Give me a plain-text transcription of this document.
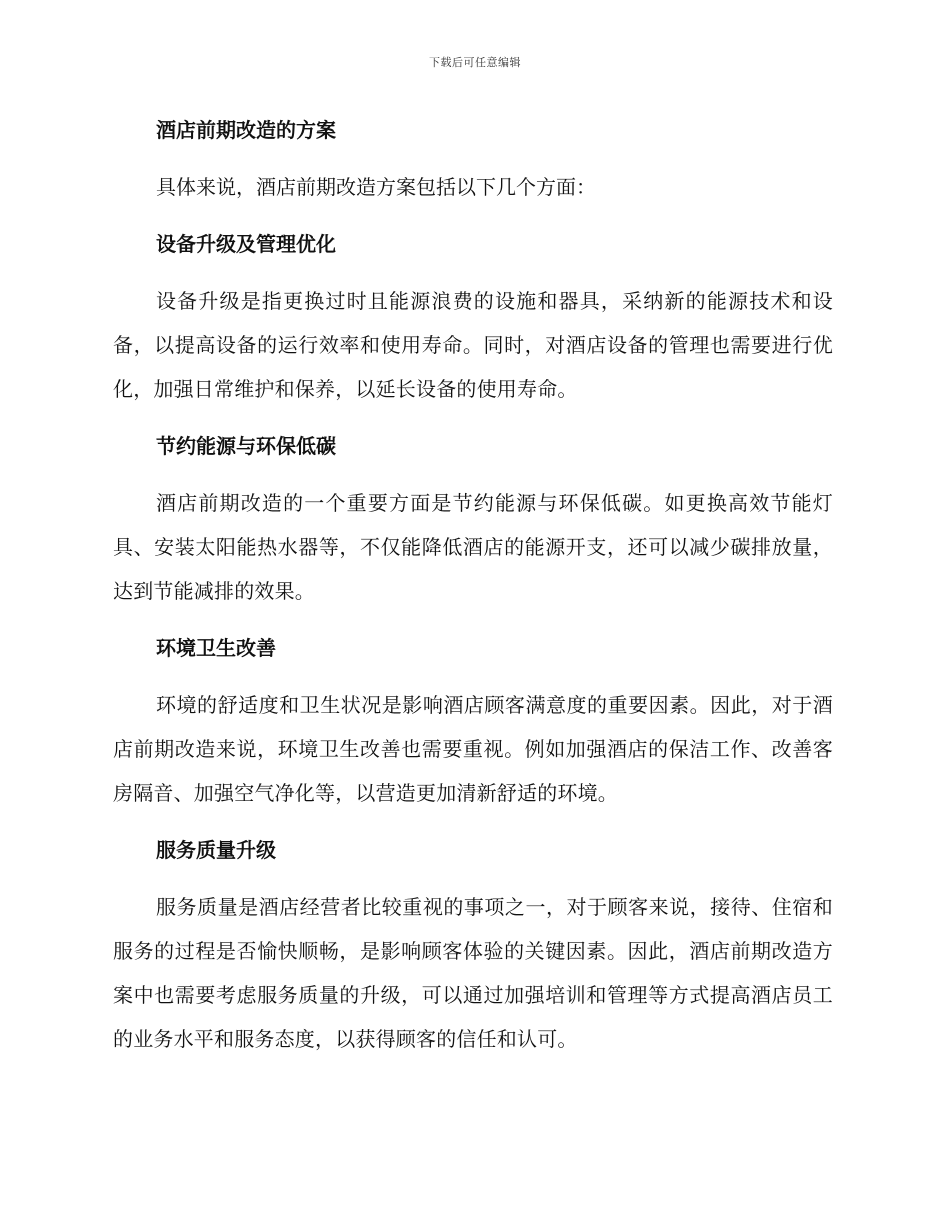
下载后可任意编辑
酒店前期改造的方案

具体来说，酒店前期改造方案包括以下几个方面：

设备升级及管理优化

设备升级是指更换过时且能源浪费的设施和器具，采纳新的能源技术和设备，以提高设备的运行效率和使用寿命。同时，对酒店设备的管理也需要进行优化，加强日常维护和保养，以延长设备的使用寿命。

节约能源与环保低碳

酒店前期改造的一个重要方面是节约能源与环保低碳。如更换高效节能灯具、安装太阳能热水器等，不仅能降低酒店的能源开支，还可以减少碳排放量，达到节能减排的效果。

环境卫生改善

环境的舒适度和卫生状况是影响酒店顾客满意度的重要因素。因此，对于酒店前期改造来说，环境卫生改善也需要重视。例如加强酒店的保洁工作、改善客房隔音、加强空气净化等，以营造更加清新舒适的环境。

服务质量升级

服务质量是酒店经营者比较重视的事项之一，对于顾客来说，接待、住宿和服务的过程是否愉快顺畅，是影响顾客体验的关键因素。因此，酒店前期改造方案中也需要考虑服务质量的升级，可以通过加强培训和管理等方式提高酒店员工的业务水平和服务态度，以获得顾客的信任和认可。
